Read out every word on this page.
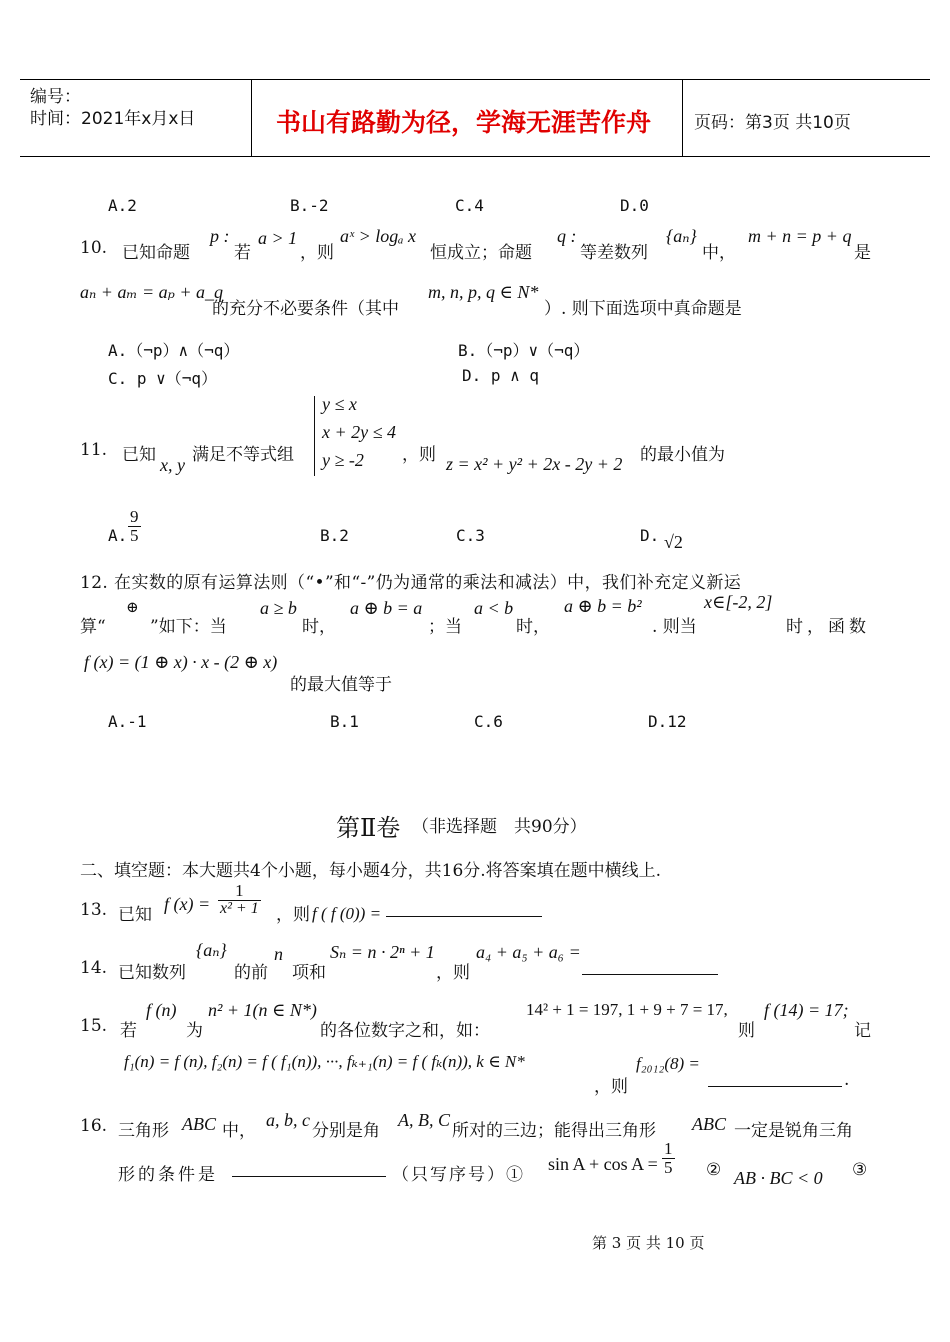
编号：
时间：2021年x月x日	书山有路勤为径，学海无涯苦作舟	页码：第3页 共10页
A.2	B.-2	C.4	D.0
10. 已知命题
p :
若
a > 1
，则
aˣ > logₐ x
恒成立；命题
q :
等差数列
{aₙ}
中，
m + n = p + q
是
aₙ + aₘ = aₚ + a_q
的充分不必要条件（其中
m, n, p, q ∈ N*
）. 则下面选项中真命题是
A.（¬p）∧（¬q）	B.（¬p）∨（¬q）
C. p ∨（¬q）	D. p ∧ q
11. 已知 x, y 满足不等式组
y ≤ x
x + 2y ≤ 4
y ≥ -2 ，则 z = x² + y² + 2x - 2y + 2 的最小值为
A. $\frac{9}{5}$	B.2	C.3	D. √2
12. 在实数的原有运算法则（“•”和“-”仍为通常的乘法和减法）中，我们补充定义新运
算“
⊕
”如下：当
a ≥ b
时，
a ⊕ b = a
；当
a < b
时，
a ⊕ b = b²
. 则当
x∈[-2, 2]
时，函数
f (x) = (1 ⊕ x) · x - (2 ⊕ x)
的最大值等于
A.-1	B.1	C.6	D.12
第Ⅱ卷 （非选择题　共90分）
二、填空题：本大题共4个小题，每小题4分，共16分.将答案填在题中横线上.
13. 已知
f $(x) = \frac{1}{\text{x² + 1}}$ ，则 f ( f (0)) =
14. 已知数列
{aₙ}
的前
n
项和
Sₙ = n · 2ⁿ + 1
，则
a₄ + a₅ + a₆ =
15. 若
f (n)
为
n² + 1(n ∈ N*)
的各位数字之和，如：
14² + 1 = 197, 1 + 9 + 7 = 17,
则
f (14) = 17;
记
f₁(n) = f (n), f₂(n) = f ( f₁(n)), ···, fₖ₊₁(n) = f ( fₖ(n)), k ∈ N*
，则
f₂₀₁₂(8) =
.
16. 三角形 ABC 中，
a, b, c
分别是角
A, B, C
所对的三边；能得出三角形 ABC 一定是锐角三角
形的条件是	（只写序号）①
$\sin A + \cos A = \frac{1}{5}$ ② AB · BC < 0 ③
第 3 页 共 10 页
